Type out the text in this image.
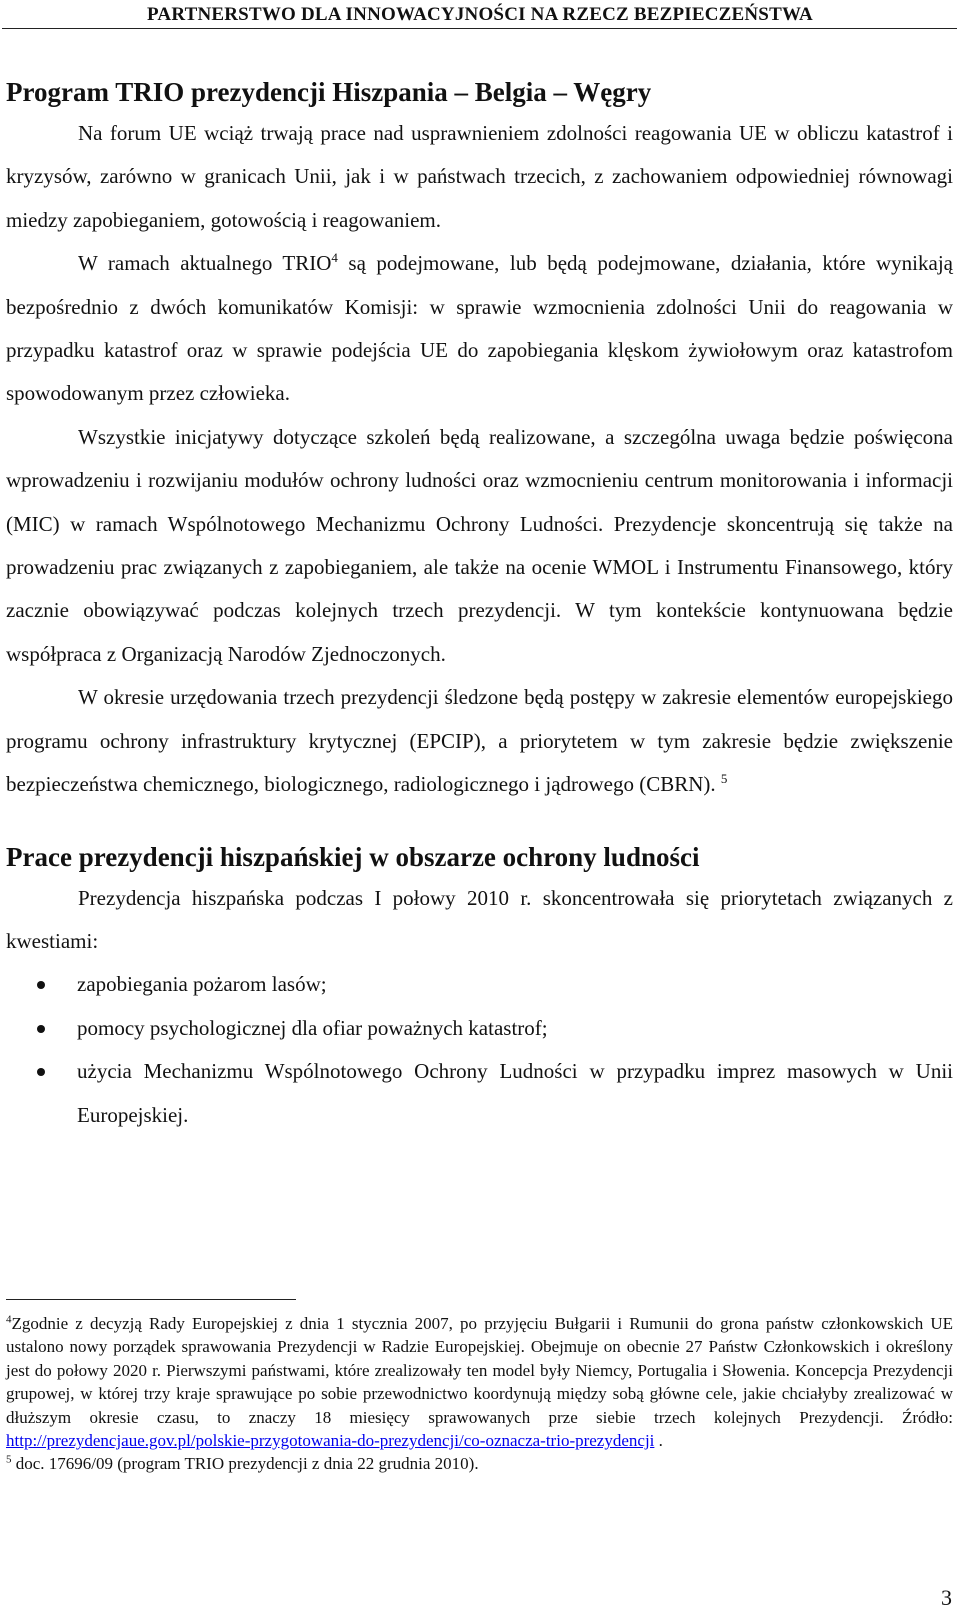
PARTNERSTWO DLA INNOWACYJNOŚCI NA RZECZ BEZPIECZEŃSTWA
Program TRIO prezydencji Hiszpania – Belgia – Węgry

Na forum UE wciąż trwają prace nad usprawnieniem zdolności reagowania UE w obliczu katastrof i kryzysów, zarówno w granicach Unii, jak i w państwach trzecich, z zachowaniem odpowiedniej równowagi miedzy zapobieganiem, gotowością i reagowaniem.

W ramach aktualnego TRIO$^4$ są podejmowane, lub będą podejmowane, działania, które wynikają bezpośrednio z dwóch komunikatów Komisji: w sprawie wzmocnienia zdolności Unii do reagowania w przypadku katastrof oraz w sprawie podejścia UE do zapobiegania klęskom żywiołowym oraz katastrofom spowodowanym przez człowieka.

Wszystkie inicjatywy dotyczące szkoleń będą realizowane, a szczególna uwaga będzie poświęcona wprowadzeniu i rozwijaniu modułów ochrony ludności oraz wzmocnieniu centrum monitorowania i informacji (MIC) w ramach Wspólnotowego Mechanizmu Ochrony Ludności. Prezydencje skoncentrują się także na prowadzeniu prac związanych z zapobieganiem, ale także na ocenie WMOL i Instrumentu Finansowego, który zacznie obowiązywać podczas kolejnych trzech prezydencji. W tym kontekście kontynuowana będzie współpraca z Organizacją Narodów Zjednoczonych.

W okresie urzędowania trzech prezydencji śledzone będą postępy w zakresie elementów europejskiego programu ochrony infrastruktury krytycznej (EPCIP), a priorytetem w tym zakresie będzie zwiększenie bezpieczeństwa chemicznego, biologicznego, radiologicznego i jądrowego (CBRN). $^5$

Prace prezydencji hiszpańskiej w obszarze ochrony ludności

Prezydencja hiszpańska podczas I połowy 2010 r. skoncentrowała się priorytetach związanych z kwestiami:

zapobiegania pożarom lasów;
pomocy psychologicznej dla ofiar poważnych katastrof;
użycia Mechanizmu Wspólnotowego Ochrony Ludności w przypadku imprez masowych w Unii Europejskiej.

$^4$Zgodnie z decyzją Rady Europejskiej z dnia 1 stycznia 2007, po przyjęciu Bułgarii i Rumunii do grona państw członkowskich UE ustalono nowy porządek sprawowania Prezydencji w Radzie Europejskiej. Obejmuje on obecnie 27 Państw Członkowskich i określony jest do połowy 2020 r. Pierwszymi państwami, które zrealizowały ten model były Niemcy, Portugalia i Słowenia. Koncepcja Prezydencji grupowej, w której trzy kraje sprawujące po sobie przewodnictwo koordynują między sobą główne cele, jakie chciałyby zrealizować w dłuższym okresie czasu, to znaczy 18 miesięcy sprawowanych prze siebie trzech kolejnych Prezydencji. Źródło: http://prezydencjaue.gov.pl/polskie-przygotowania-do-prezydencji/co-oznacza-trio-prezydencji .

$^5$ doc. 17696/09 (program TRIO prezydencji z dnia 22 grudnia 2010).

3
